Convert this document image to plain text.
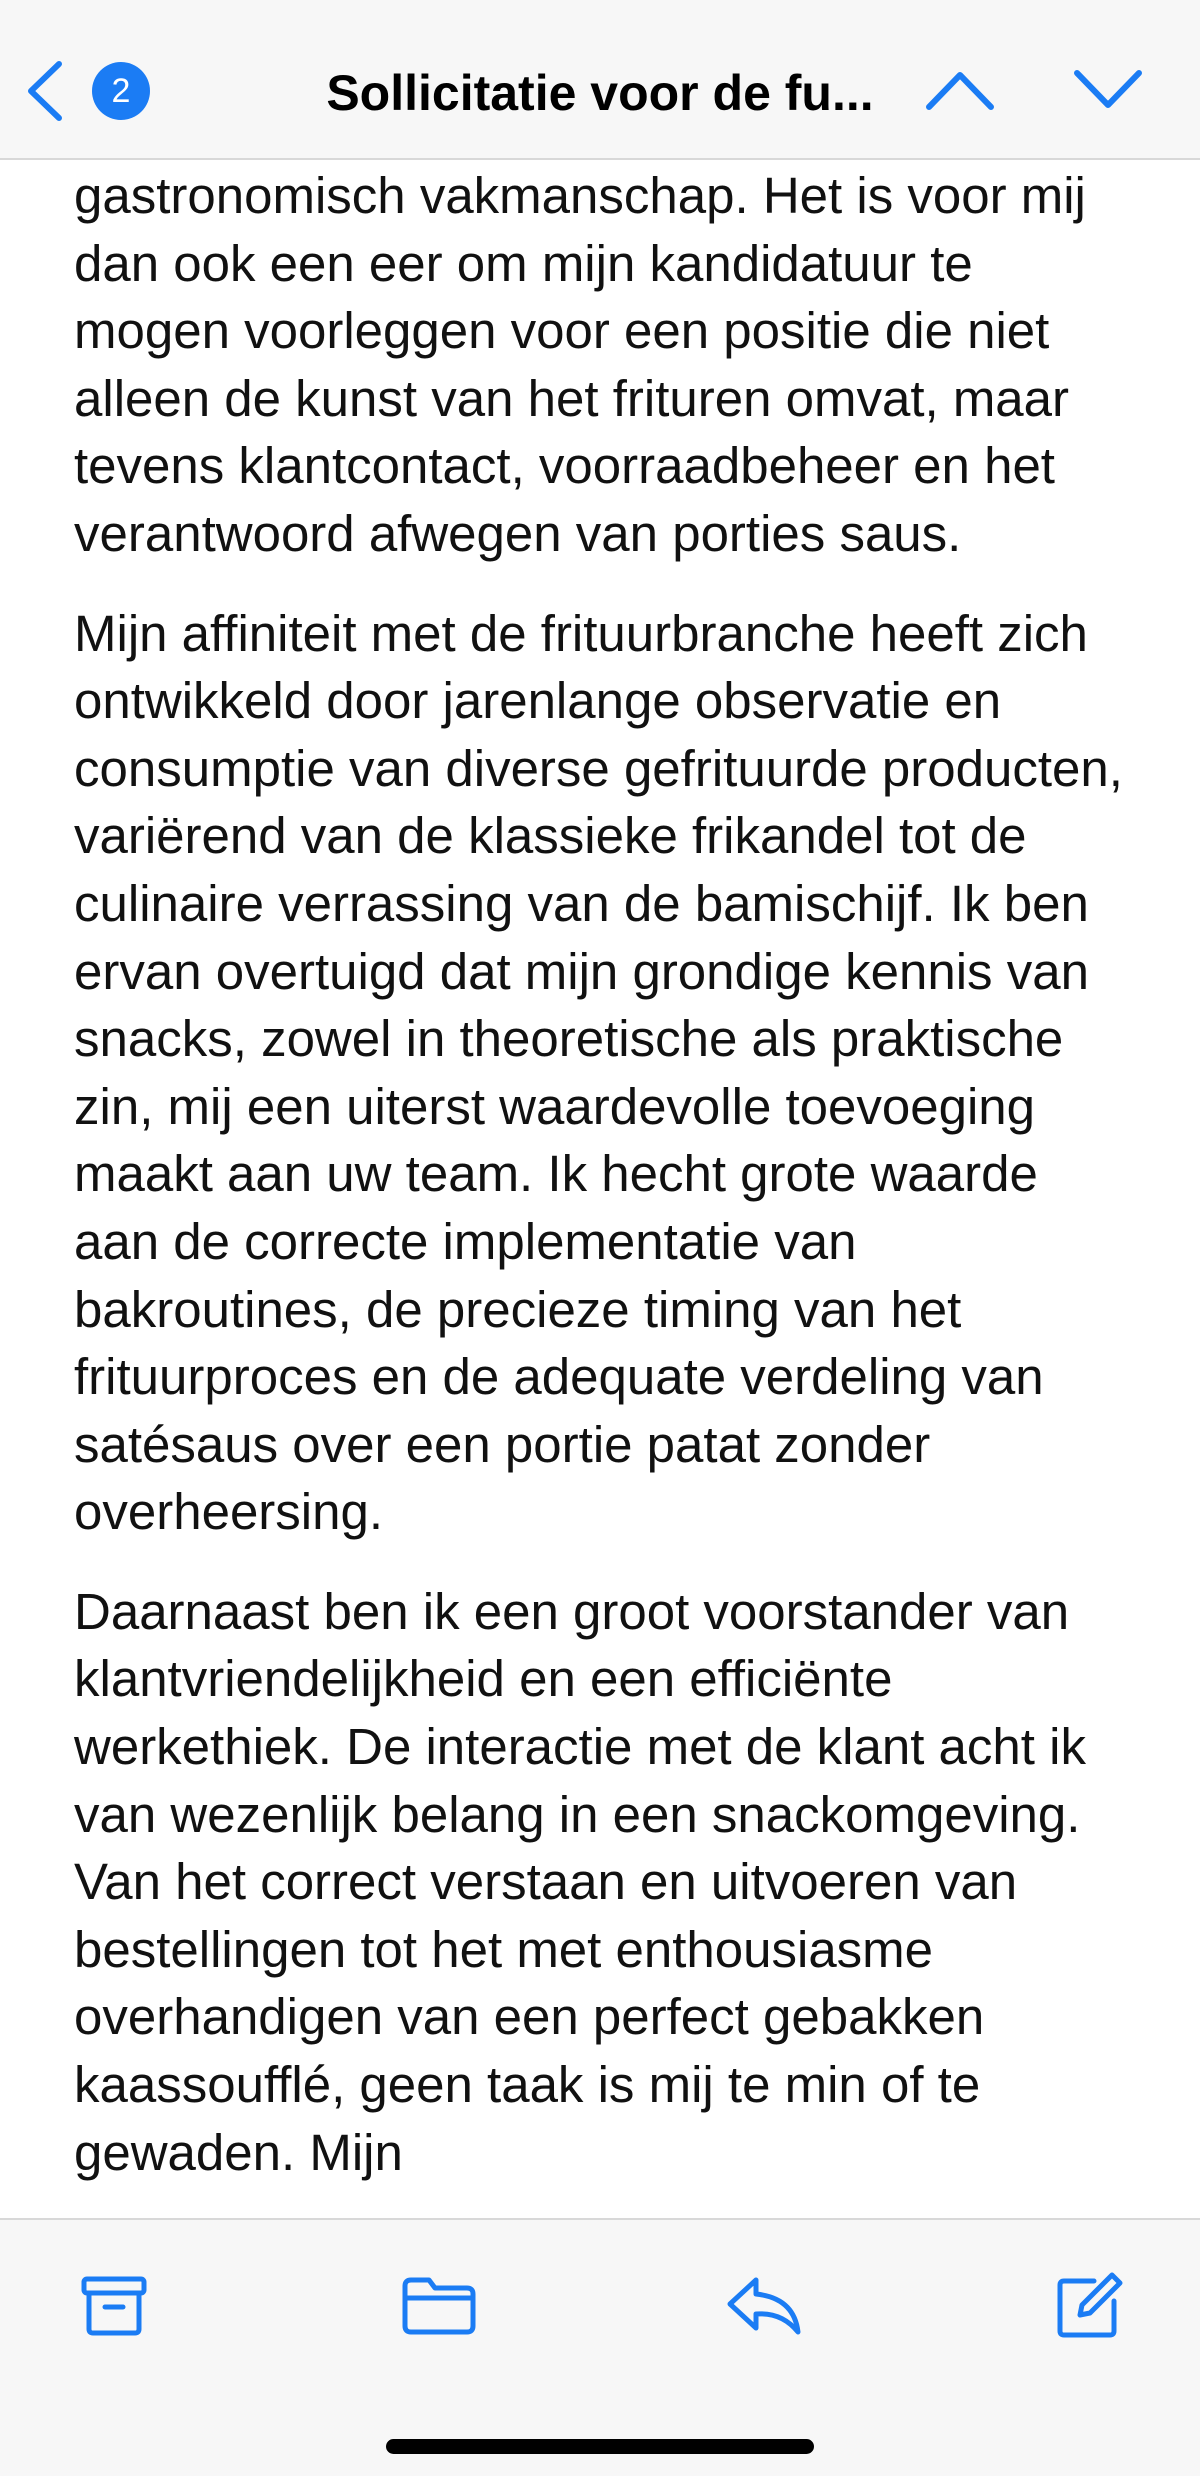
2	Sollicitatie voor de fu...

gastronomisch vakmanschap. Het is voor mij dan ook een eer om mijn kandidatuur te mogen voorleggen voor een positie die niet alleen de kunst van het frituren omvat, maar tevens klantcontact, voorraadbeheer en het verantwoord afwegen van porties saus.

Mijn affiniteit met de frituurbranche heeft zich ontwikkeld door jarenlange observatie en consumptie van diverse gefrituurde producten, variërend van de klassieke frikandel tot de culinaire verrassing van de bamischijf. Ik ben ervan overtuigd dat mijn grondige kennis van snacks, zowel in theoretische als praktische zin, mij een uiterst waardevolle toevoeging maakt aan uw team. Ik hecht grote waarde aan de correcte implementatie van bakroutines, de precieze timing van het frituurproces en de adequate verdeling van satésaus over een portie patat zonder overheersing.

Daarnaast ben ik een groot voorstander van klantvriendelijkheid en een efficiënte werkethiek. De interactie met de klant acht ik van wezenlijk belang in een snackomgeving. Van het correct verstaan en uitvoeren van bestellingen tot het met enthousiasme overhandigen van een perfect gebakken kaassoufflé, geen taak is mij te min of te gewaden. Mijn
